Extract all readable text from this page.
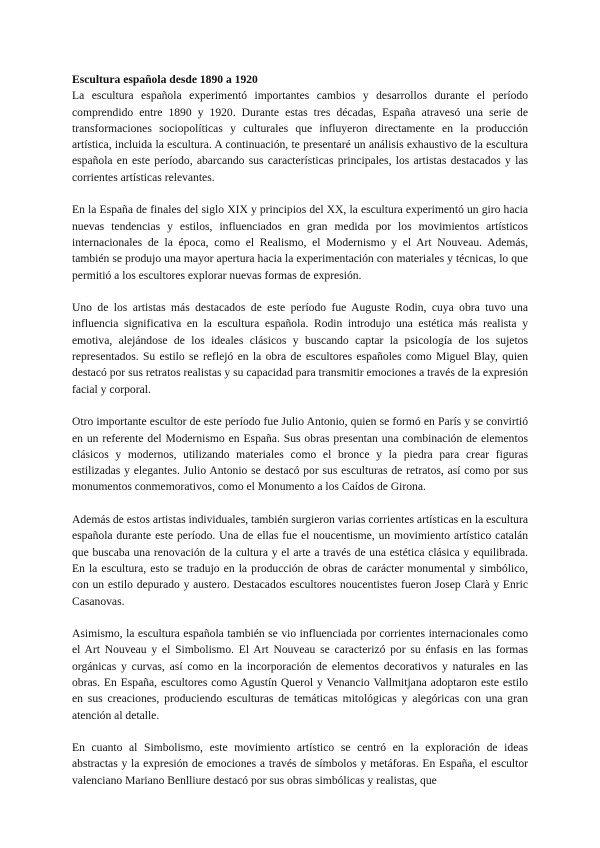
Escultura española desde 1890 a 1920

La escultura española experimentó importantes cambios y desarrollos durante el período comprendido entre 1890 y 1920. Durante estas tres décadas, España atravesó una serie de transformaciones sociopolíticas y culturales que influyeron directamente en la producción artística, incluida la escultura. A continuación, te presentaré un análisis exhaustivo de la escultura española en este período, abarcando sus características principales, los artistas destacados y las corrientes artísticas relevantes.

En la España de finales del siglo XIX y principios del XX, la escultura experimentó un giro hacia nuevas tendencias y estilos, influenciados en gran medida por los movimientos artísticos internacionales de la época, como el Realismo, el Modernismo y el Art Nouveau. Además, también se produjo una mayor apertura hacia la experimentación con materiales y técnicas, lo que permitió a los escultores explorar nuevas formas de expresión.

Uno de los artistas más destacados de este período fue Auguste Rodin, cuya obra tuvo una influencia significativa en la escultura española. Rodin introdujo una estética más realista y emotiva, alejándose de los ideales clásicos y buscando captar la psicología de los sujetos representados. Su estilo se reflejó en la obra de escultores españoles como Miguel Blay, quien destacó por sus retratos realistas y su capacidad para transmitir emociones a través de la expresión facial y corporal.

Otro importante escultor de este período fue Julio Antonio, quien se formó en París y se convirtió en un referente del Modernismo en España. Sus obras presentan una combinación de elementos clásicos y modernos, utilizando materiales como el bronce y la piedra para crear figuras estilizadas y elegantes. Julio Antonio se destacó por sus esculturas de retratos, así como por sus monumentos conmemorativos, como el Monumento a los Caídos de Girona.

Además de estos artistas individuales, también surgieron varias corrientes artísticas en la escultura española durante este período. Una de ellas fue el noucentisme, un movimiento artístico catalán que buscaba una renovación de la cultura y el arte a través de una estética clásica y equilibrada. En la escultura, esto se tradujo en la producción de obras de carácter monumental y simbólico, con un estilo depurado y austero. Destacados escultores noucentistes fueron Josep Clarà y Enric Casanovas.

Asimismo, la escultura española también se vio influenciada por corrientes internacionales como el Art Nouveau y el Simbolismo. El Art Nouveau se caracterizó por su énfasis en las formas orgánicas y curvas, así como en la incorporación de elementos decorativos y naturales en las obras. En España, escultores como Agustín Querol y Venancio Vallmitjana adoptaron este estilo en sus creaciones, produciendo esculturas de temáticas mitológicas y alegóricas con una gran atención al detalle.

En cuanto al Simbolismo, este movimiento artístico se centró en la exploración de ideas abstractas y la expresión de emociones a través de símbolos y metáforas. En España, el escultor valenciano Mariano Benlliure destacó por sus obras simbólicas y realistas, que
